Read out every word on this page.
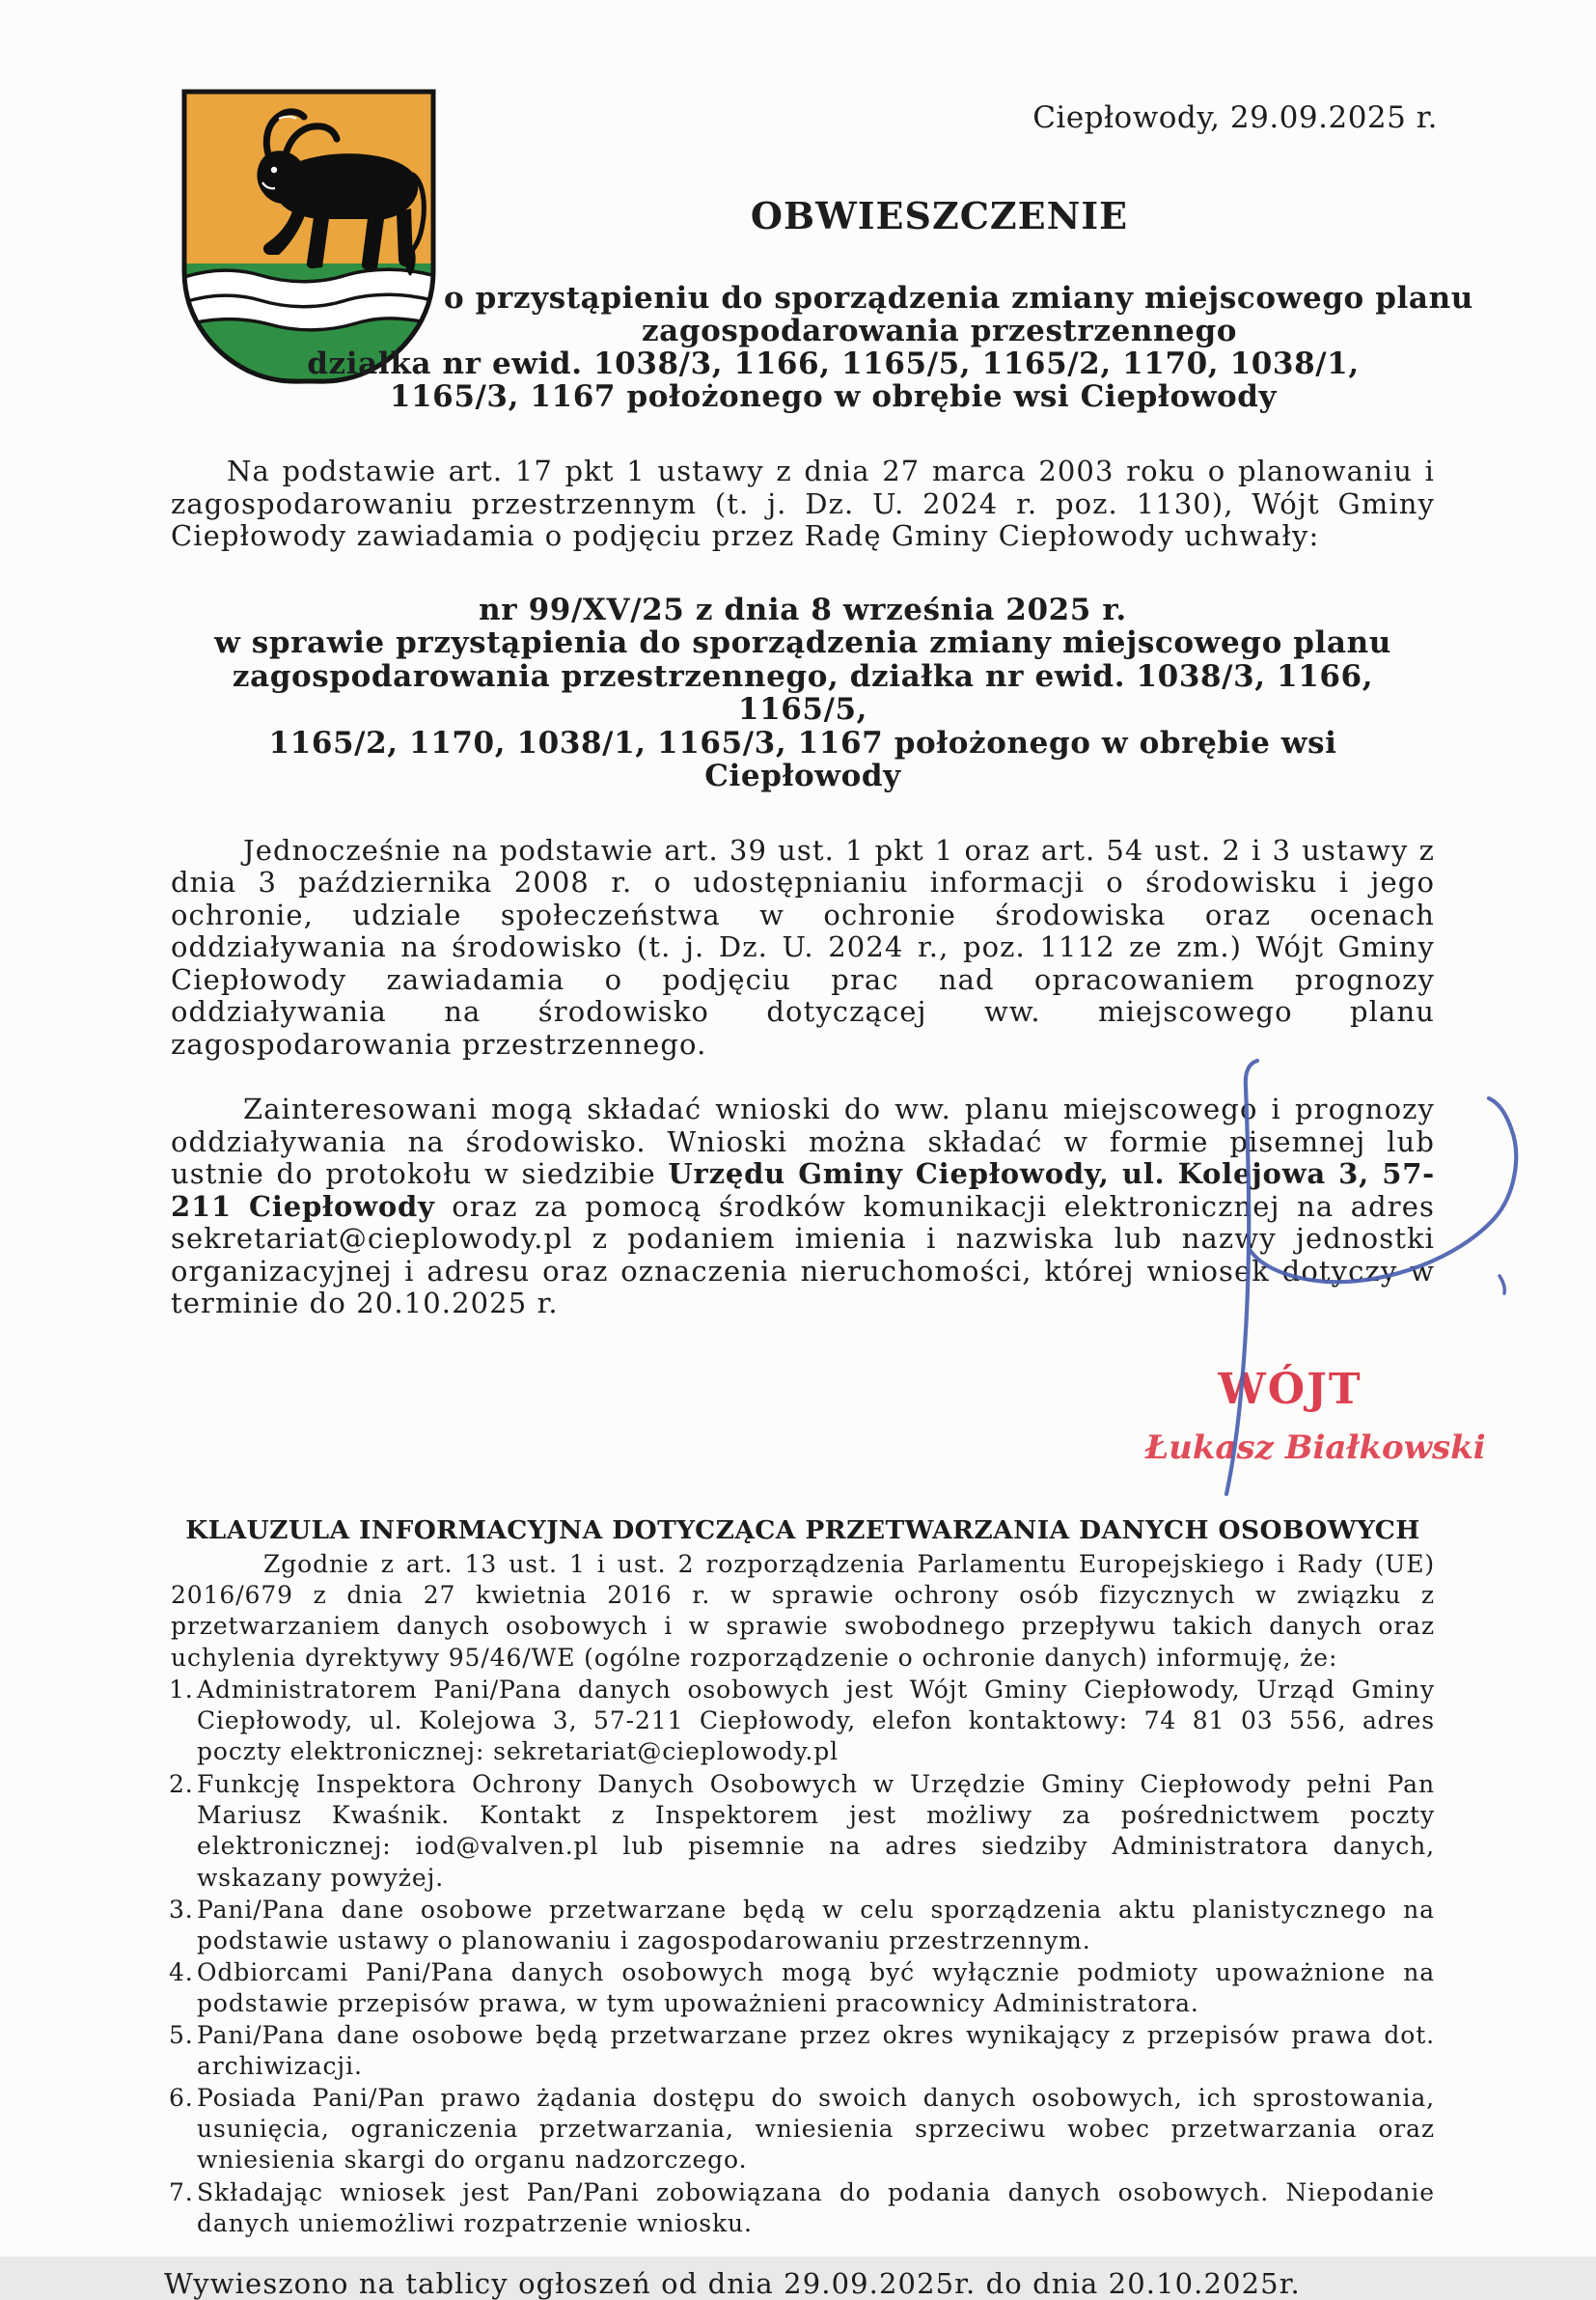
Ciepłowody, 29.09.2025 r.
OBWIESZCZENIE
o przystąpieniu do sporządzenia zmiany miejscowego planu
zagospodarowania przestrzennego
działka nr ewid. 1038/3, 1166, 1165/5, 1165/2, 1170, 1038/1,
1165/3, 1167 położonego w obrębie wsi Ciepłowody

Na podstawie art. 17 pkt 1 ustawy z dnia 27 marca 2003 roku o planowaniu i zagospodarowaniu przestrzennym (t. j. Dz. U. 2024 r. poz. 1130), Wójt Gminy Ciepłowody zawiadamia o podjęciu przez Radę Gminy Ciepłowody uchwały:

nr 99/XV/25 z dnia 8 września 2025 r.
w sprawie przystąpienia do sporządzenia zmiany miejscowego planu
zagospodarowania przestrzennego, działka nr ewid. 1038/3, 1166, 1165/5,
1165/2, 1170, 1038/1, 1165/3, 1167 położonego w obrębie wsi Ciepłowody

Jednocześnie na podstawie art. 39 ust. 1 pkt 1 oraz art. 54 ust. 2 i 3 ustawy z dnia 3 października 2008 r. o udostępnianiu informacji o środowisku i jego ochronie, udziale społeczeństwa w ochronie środowiska oraz ocenach oddziaływania na środowisko (t. j. Dz. U. 2024 r., poz. 1112 ze zm.) Wójt Gminy Ciepłowody zawiadamia o podjęciu prac nad opracowaniem prognozy oddziaływania na środowisko dotyczącej ww. miejscowego planu zagospodarowania przestrzennego.

Zainteresowani mogą składać wnioski do ww. planu miejscowego i prognozy oddziaływania na środowisko. Wnioski można składać w formie pisemnej lub ustnie do protokołu w siedzibie Urzędu Gminy Ciepłowody, ul. Kolejowa 3, 57-211 Ciepłowody oraz za pomocą środków komunikacji elektronicznej na adres sekretariat@cieplowody.pl z podaniem imienia i nazwiska lub nazwy jednostki organizacyjnej i adresu oraz oznaczenia nieruchomości, której wniosek dotyczy w terminie do 20.10.2025 r.

WÓJT
Łukasz Białkowski
KLAUZULA INFORMACYJNA DOTYCZĄCA PRZETWARZANIA DANYCH OSOBOWYCH

Zgodnie z art. 13 ust. 1 i ust. 2 rozporządzenia Parlamentu Europejskiego i Rady (UE) 2016/679 z dnia 27 kwietnia 2016 r. w sprawie ochrony osób fizycznych w związku z przetwarzaniem danych osobowych i w sprawie swobodnego przepływu takich danych oraz uchylenia dyrektywy 95/46/WE (ogólne rozporządzenie o ochronie danych) informuję, że:

1. Administratorem Pani/Pana danych osobowych jest Wójt Gminy Ciepłowody, Urząd Gminy Ciepłowody, ul. Kolejowa 3, 57-211 Ciepłowody, elefon kontaktowy: 74 81 03 556, adres poczty elektronicznej: sekretariat@cieplowody.pl
2. Funkcję Inspektora Ochrony Danych Osobowych w Urzędzie Gminy Ciepłowody pełni Pan Mariusz Kwaśnik. Kontakt z Inspektorem jest możliwy za pośrednictwem poczty elektronicznej: iod@valven.pl lub pisemnie na adres siedziby Administratora danych, wskazany powyżej.
3. Pani/Pana dane osobowe przetwarzane będą w celu sporządzenia aktu planistycznego na podstawie ustawy o planowaniu i zagospodarowaniu przestrzennym.
4. Odbiorcami Pani/Pana danych osobowych mogą być wyłącznie podmioty upoważnione na podstawie przepisów prawa, w tym upoważnieni pracownicy Administratora.
5. Pani/Pana dane osobowe będą przetwarzane przez okres wynikający z przepisów prawa dot. archiwizacji.
6. Posiada Pani/Pan prawo żądania dostępu do swoich danych osobowych, ich sprostowania, usunięcia, ograniczenia przetwarzania, wniesienia sprzeciwu wobec przetwarzania oraz wniesienia skargi do organu nadzorczego.
7. Składając wniosek jest Pan/Pani zobowiązana do podania danych osobowych. Niepodanie danych uniemożliwi rozpatrzenie wniosku.
Wywieszono na tablicy ogłoszeń od dnia 29.09.2025r. do dnia 20.10.2025r.
